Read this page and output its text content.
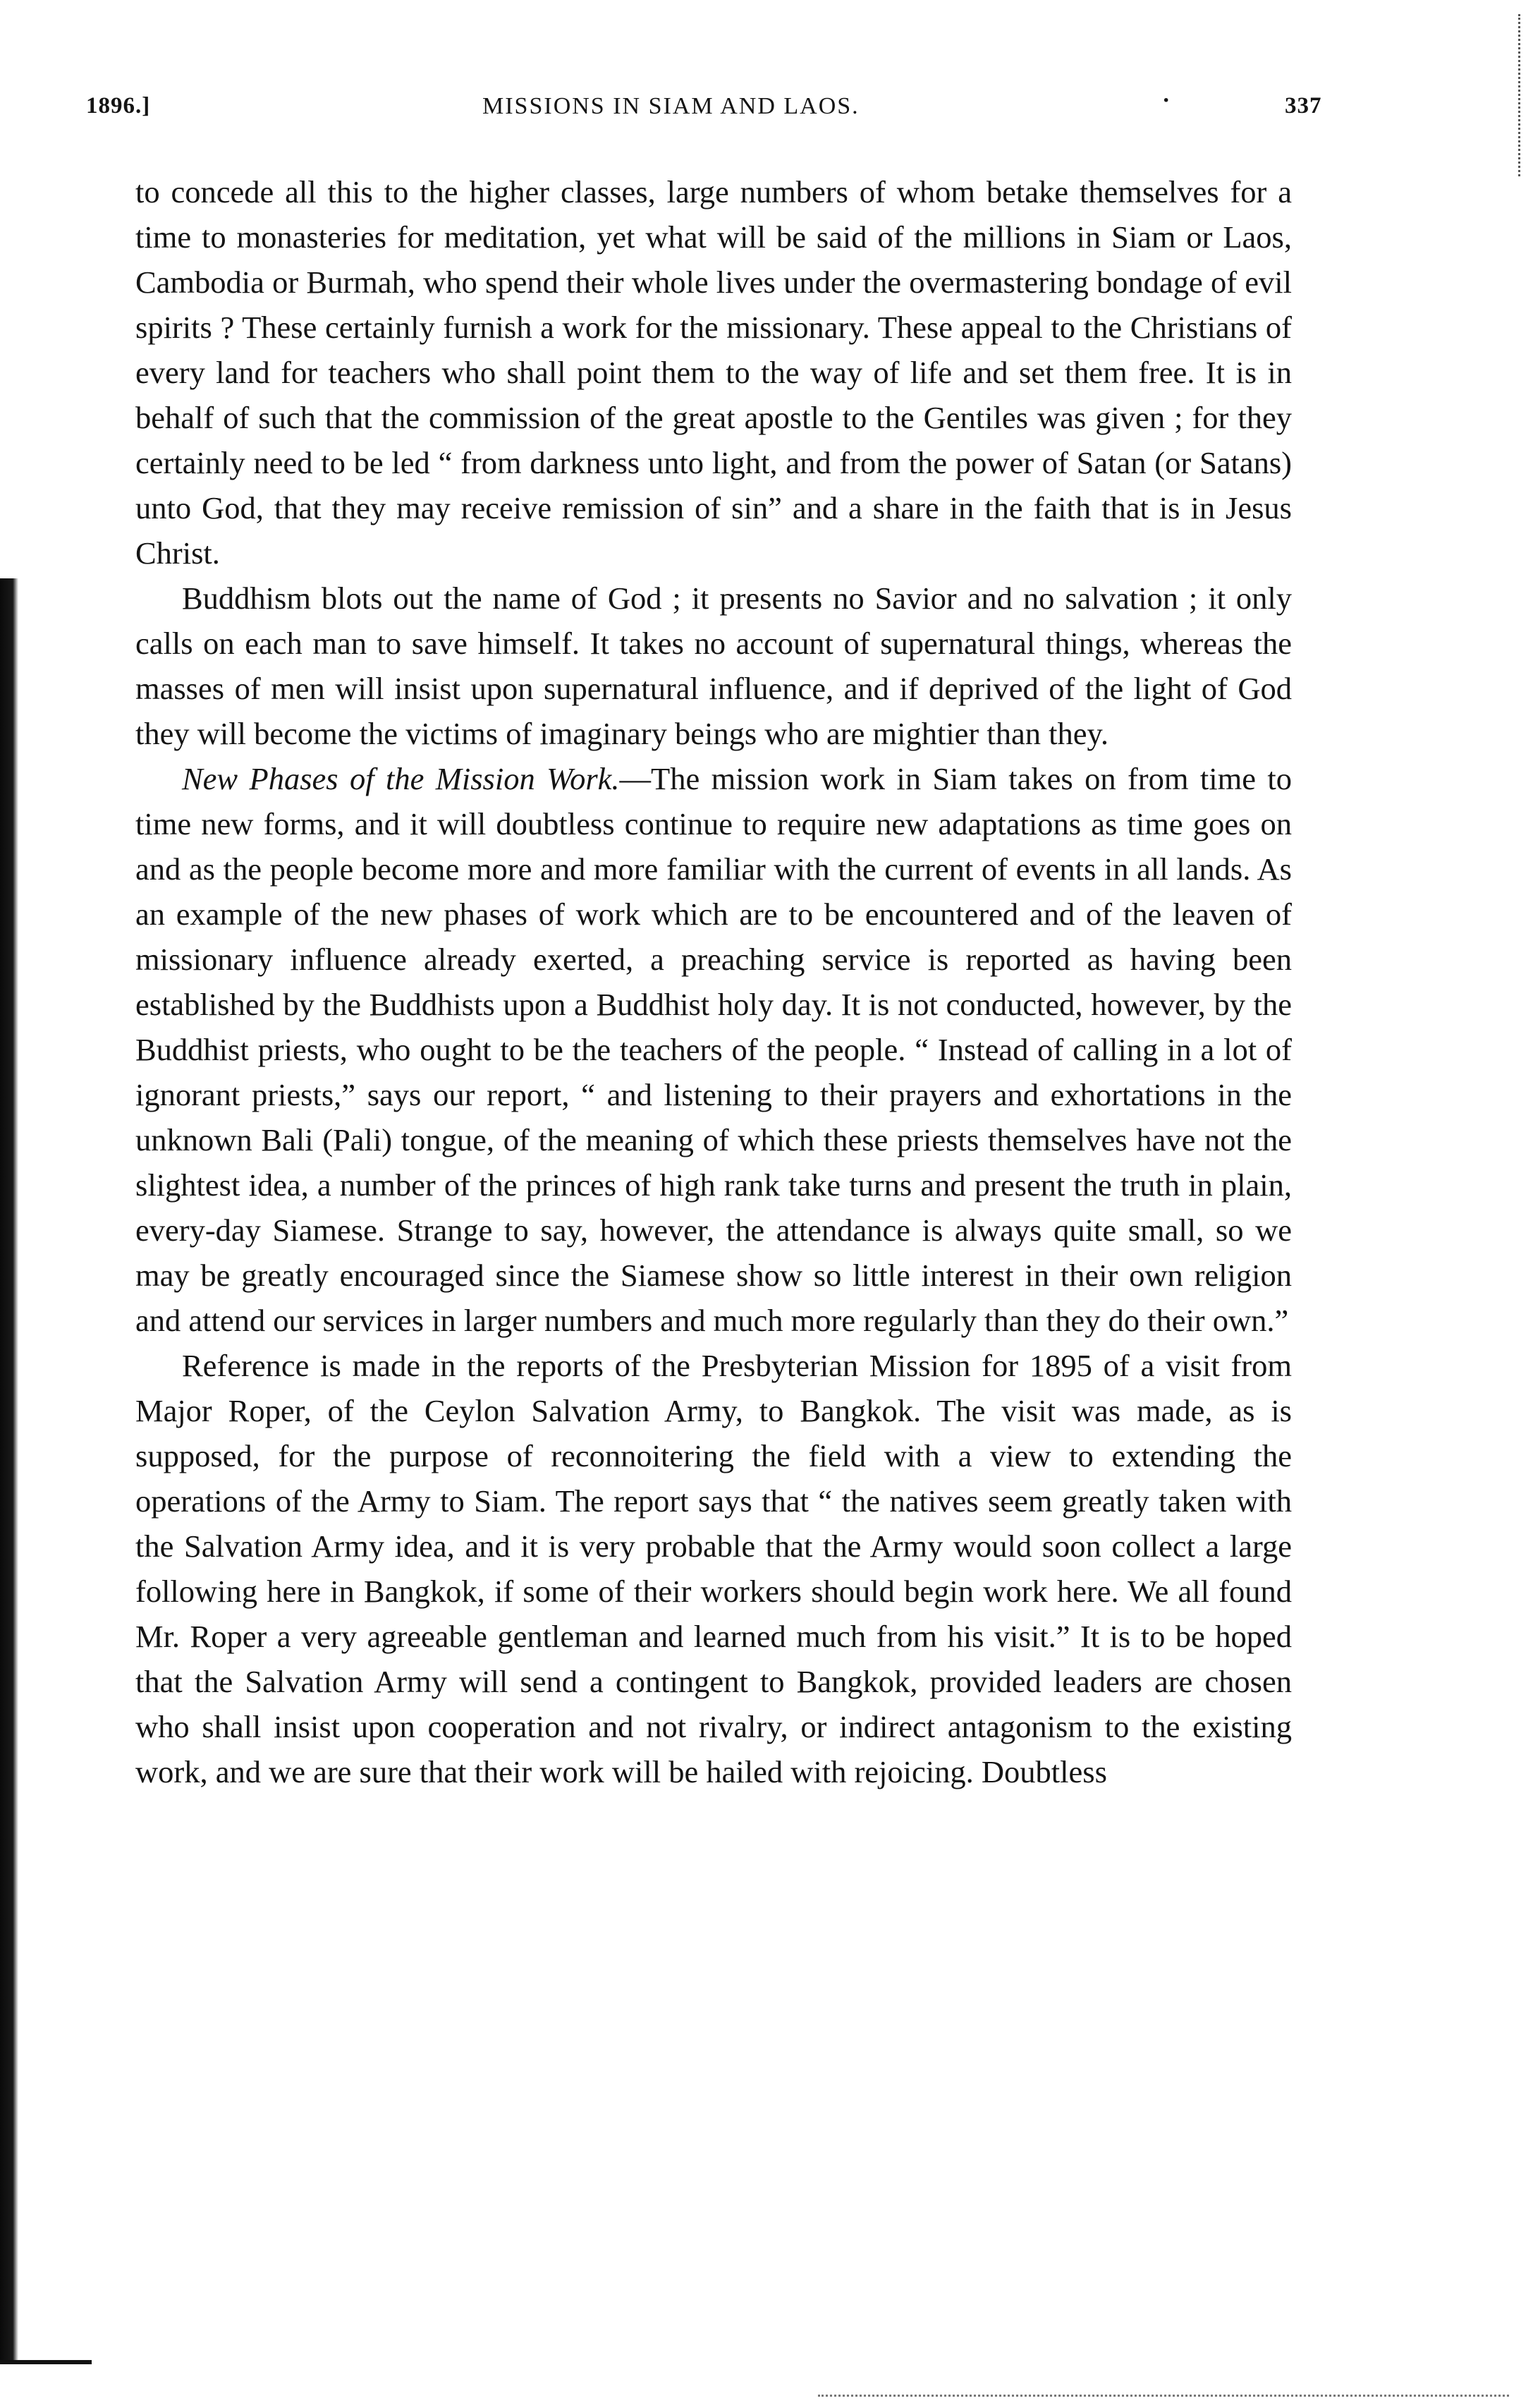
1896.]	MISSIONS IN SIAM AND LAOS.	·	337

to concede all this to the higher classes, large numbers of whom betake themselves for a time to monasteries for meditation, yet what will be said of the millions in Siam or Laos, Cambodia or Burmah, who spend their whole lives under the overmastering bondage of evil spirits ? These certainly furnish a work for the missionary. These appeal to the Christians of every land for teachers who shall point them to the way of life and set them free. It is in behalf of such that the commission of the great apostle to the Gentiles was given ; for they certainly need to be led “ from darkness unto light, and from the power of Satan (or Satans) unto God, that they may receive remission of sin” and a share in the faith that is in Jesus Christ.

Buddhism blots out the name of God ; it presents no Savior and no salvation ; it only calls on each man to save himself. It takes no account of supernatural things, whereas the masses of men will insist upon supernatural influence, and if deprived of the light of God they will become the victims of imaginary beings who are mightier than they.

New Phases of the Mission Work.—The mission work in Siam takes on from time to time new forms, and it will doubtless continue to require new adaptations as time goes on and as the people become more and more familiar with the current of events in all lands. As an example of the new phases of work which are to be encountered and of the leaven of missionary influence already exerted, a preaching service is reported as having been established by the Buddhists upon a Buddhist holy day. It is not conducted, however, by the Buddhist priests, who ought to be the teachers of the people. “ Instead of calling in a lot of ignorant priests,” says our report, “ and listening to their prayers and exhortations in the unknown Bali (Pali) tongue, of the meaning of which these priests themselves have not the slightest idea, a number of the princes of high rank take turns and present the truth in plain, every-day Siamese. Strange to say, however, the attendance is always quite small, so we may be greatly encouraged since the Siamese show so little interest in their own religion and attend our services in larger numbers and much more regularly than they do their own.”

Reference is made in the reports of the Presbyterian Mission for 1895 of a visit from Major Roper, of the Ceylon Salvation Army, to Bangkok. The visit was made, as is supposed, for the purpose of reconnoitering the field with a view to extending the operations of the Army to Siam. The report says that “ the natives seem greatly taken with the Salvation Army idea, and it is very probable that the Army would soon collect a large following here in Bangkok, if some of their workers should begin work here. We all found Mr. Roper a very agreeable gentleman and learned much from his visit.” It is to be hoped that the Salvation Army will send a contingent to Bangkok, provided leaders are chosen who shall insist upon cooperation and not rivalry, or indirect antagonism to the existing work, and we are sure that their work will be hailed with rejoicing. Doubtless
